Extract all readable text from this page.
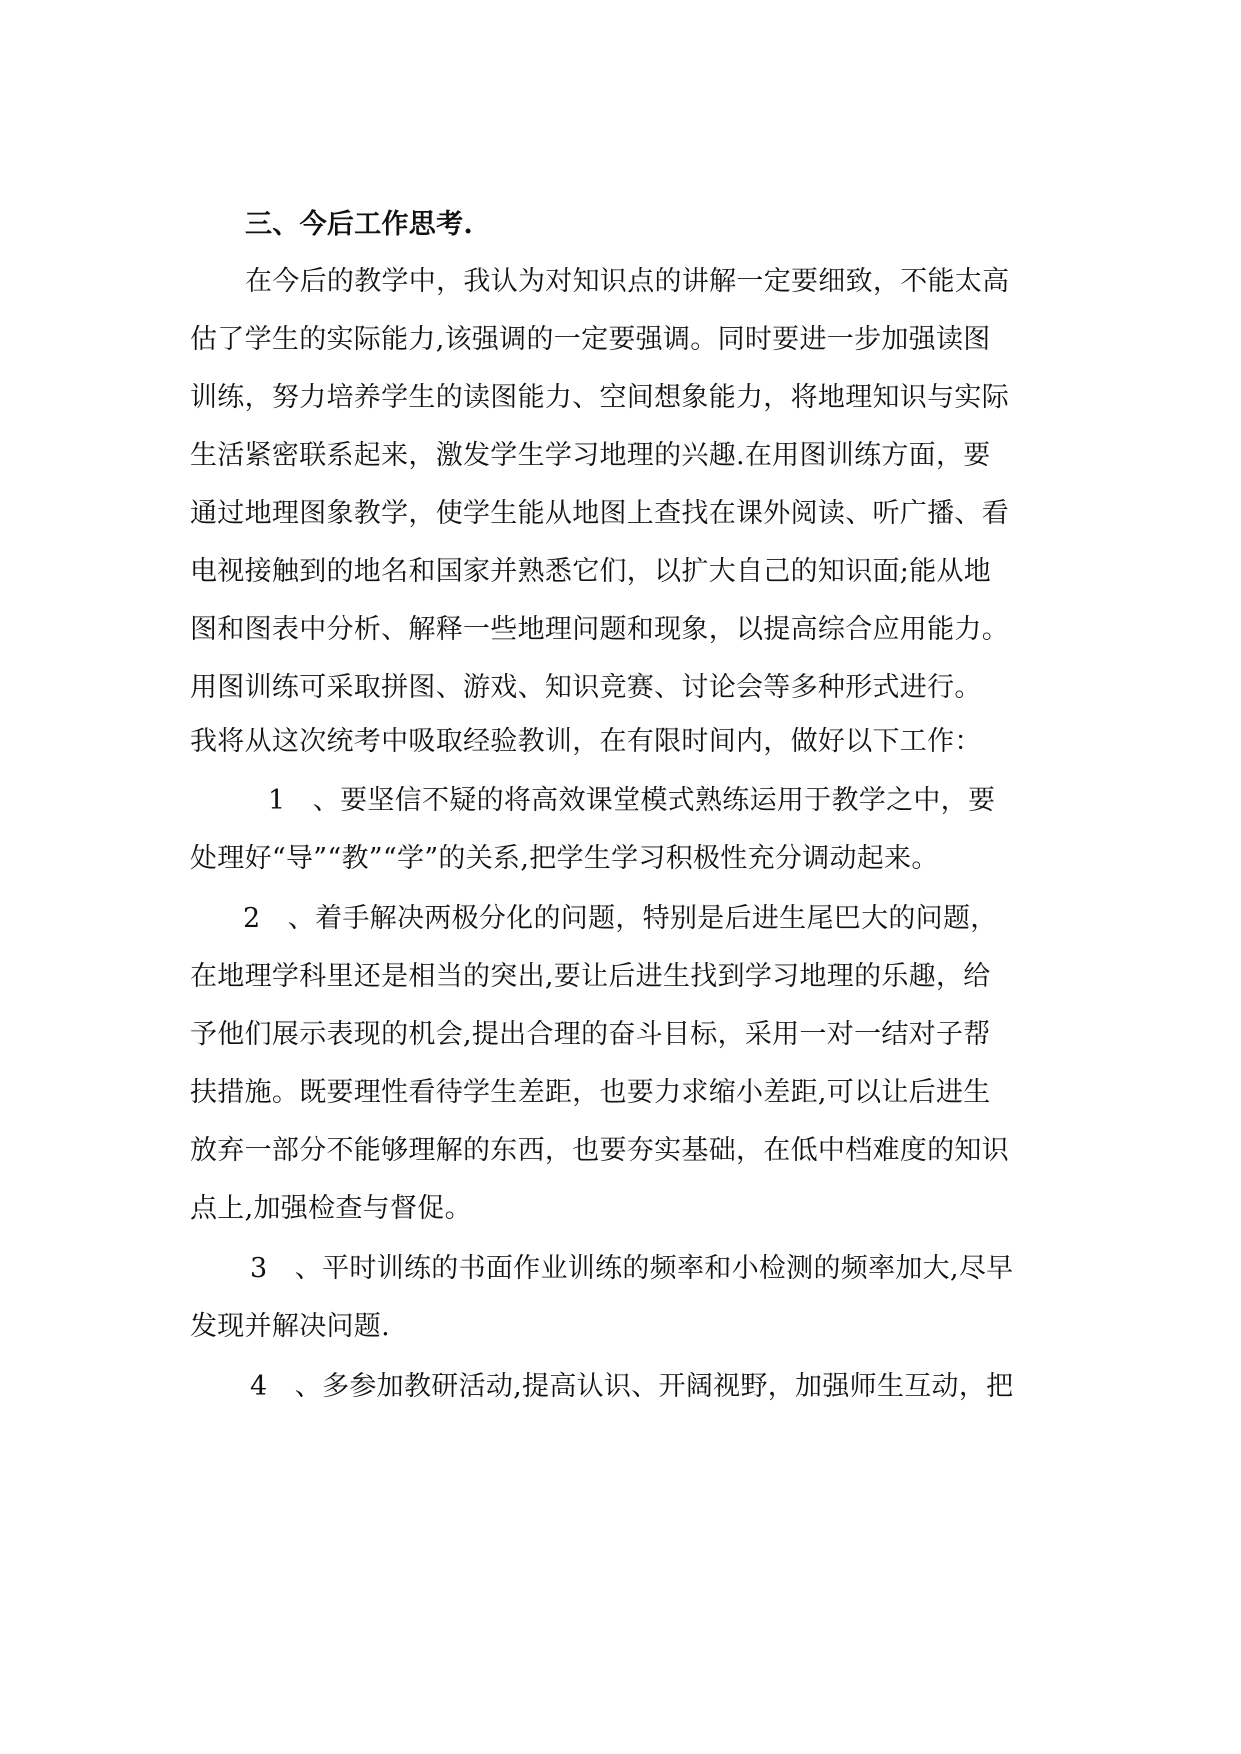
三、今后工作思考.
在今后的教学中，我认为对知识点的讲解一定要细致，不能太高
估了学生的实际能力,该强调的一定要强调。同时要进一步加强读图
训练，努力培养学生的读图能力、空间想象能力，将地理知识与实际
生活紧密联系起来，激发学生学习地理的兴趣.在用图训练方面，要
通过地理图象教学，使学生能从地图上查找在课外阅读、听广播、看
电视接触到的地名和国家并熟悉它们，以扩大自己的知识面;能从地
图和图表中分析、解释一些地理问题和现象，以提高综合应用能力。
用图训练可采取拼图、游戏、知识竞赛、讨论会等多种形式进行。
我将从这次统考中吸取经验教训，在有限时间内，做好以下工作：
1　、要坚信不疑的将高效课堂模式熟练运用于教学之中，要
处理好“导”“教”“学”的关系,把学生学习积极性充分调动起来。
2　、着手解决两极分化的问题，特别是后进生尾巴大的问题，
在地理学科里还是相当的突出,要让后进生找到学习地理的乐趣，给
予他们展示表现的机会,提出合理的奋斗目标，采用一对一结对子帮
扶措施。既要理性看待学生差距，也要力求缩小差距,可以让后进生
放弃一部分不能够理解的东西，也要夯实基础，在低中档难度的知识
点上,加强检查与督促。
3　、平时训练的书面作业训练的频率和小检测的频率加大,尽早
发现并解决问题.
4　、多参加教研活动,提高认识、开阔视野，加强师生互动，把
